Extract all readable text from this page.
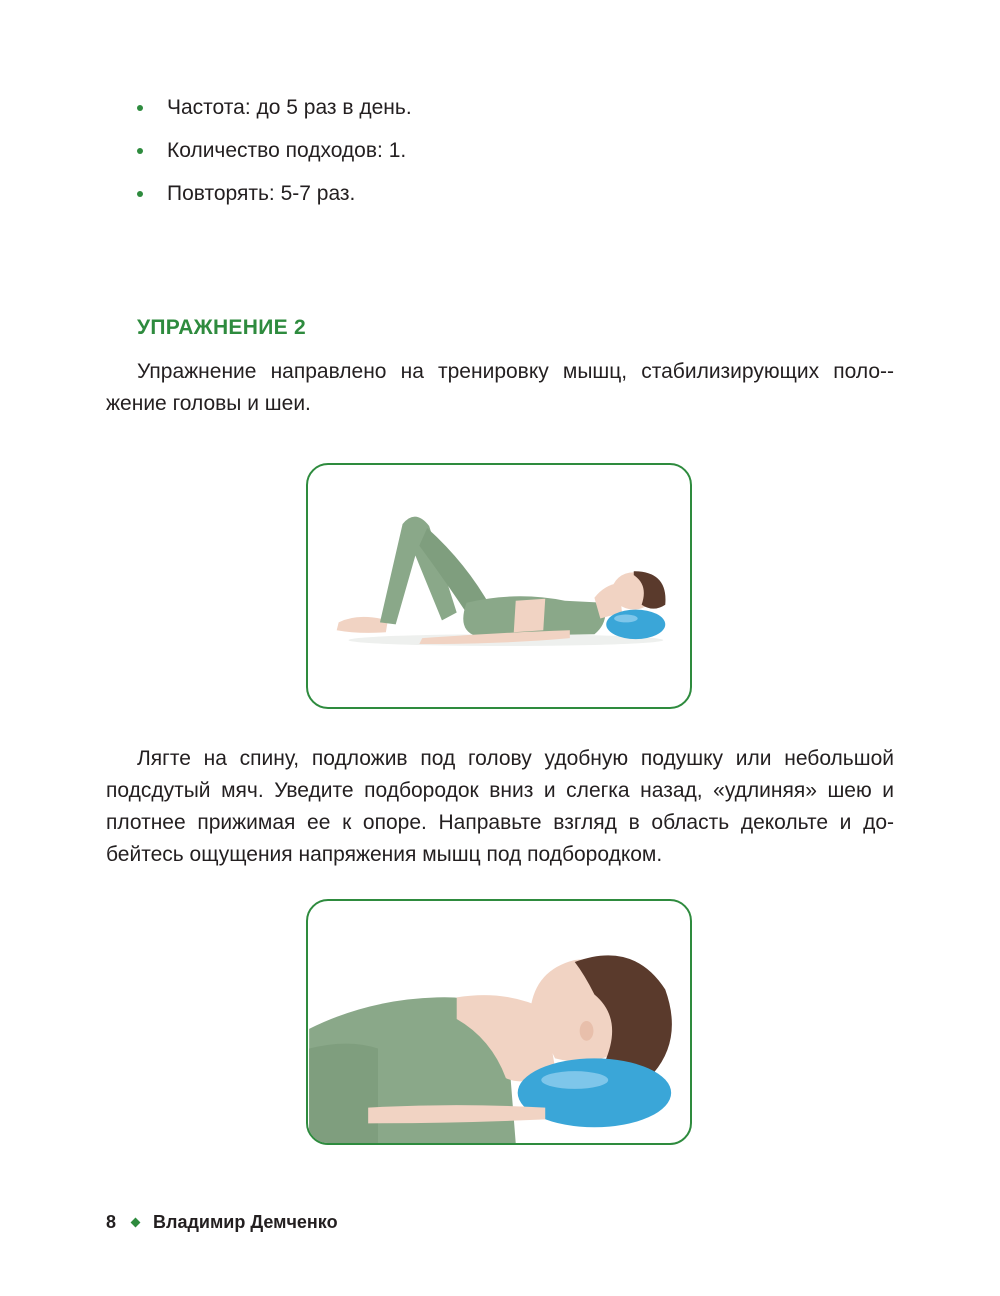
Частота: до 5 раз в день.
Количество подходов: 1.
Повторять: 5-7 раз.
УПРАЖНЕНИЕ 2

Упражнение направлено на тренировку мышц, стабилизирующих поло-жение головы и шеи.

Лягте на спину, подложив под голову удобную подушку или небольшой подсдутый мяч. Уведите подбородок вниз и слегка назад, «удлиняя» шею и плотнее прижимая ее к опоре. Направьте взгляд в область декольте и до-бейтесь ощущения напряжения мышц под подбородком.

8 Владимир Демченко
